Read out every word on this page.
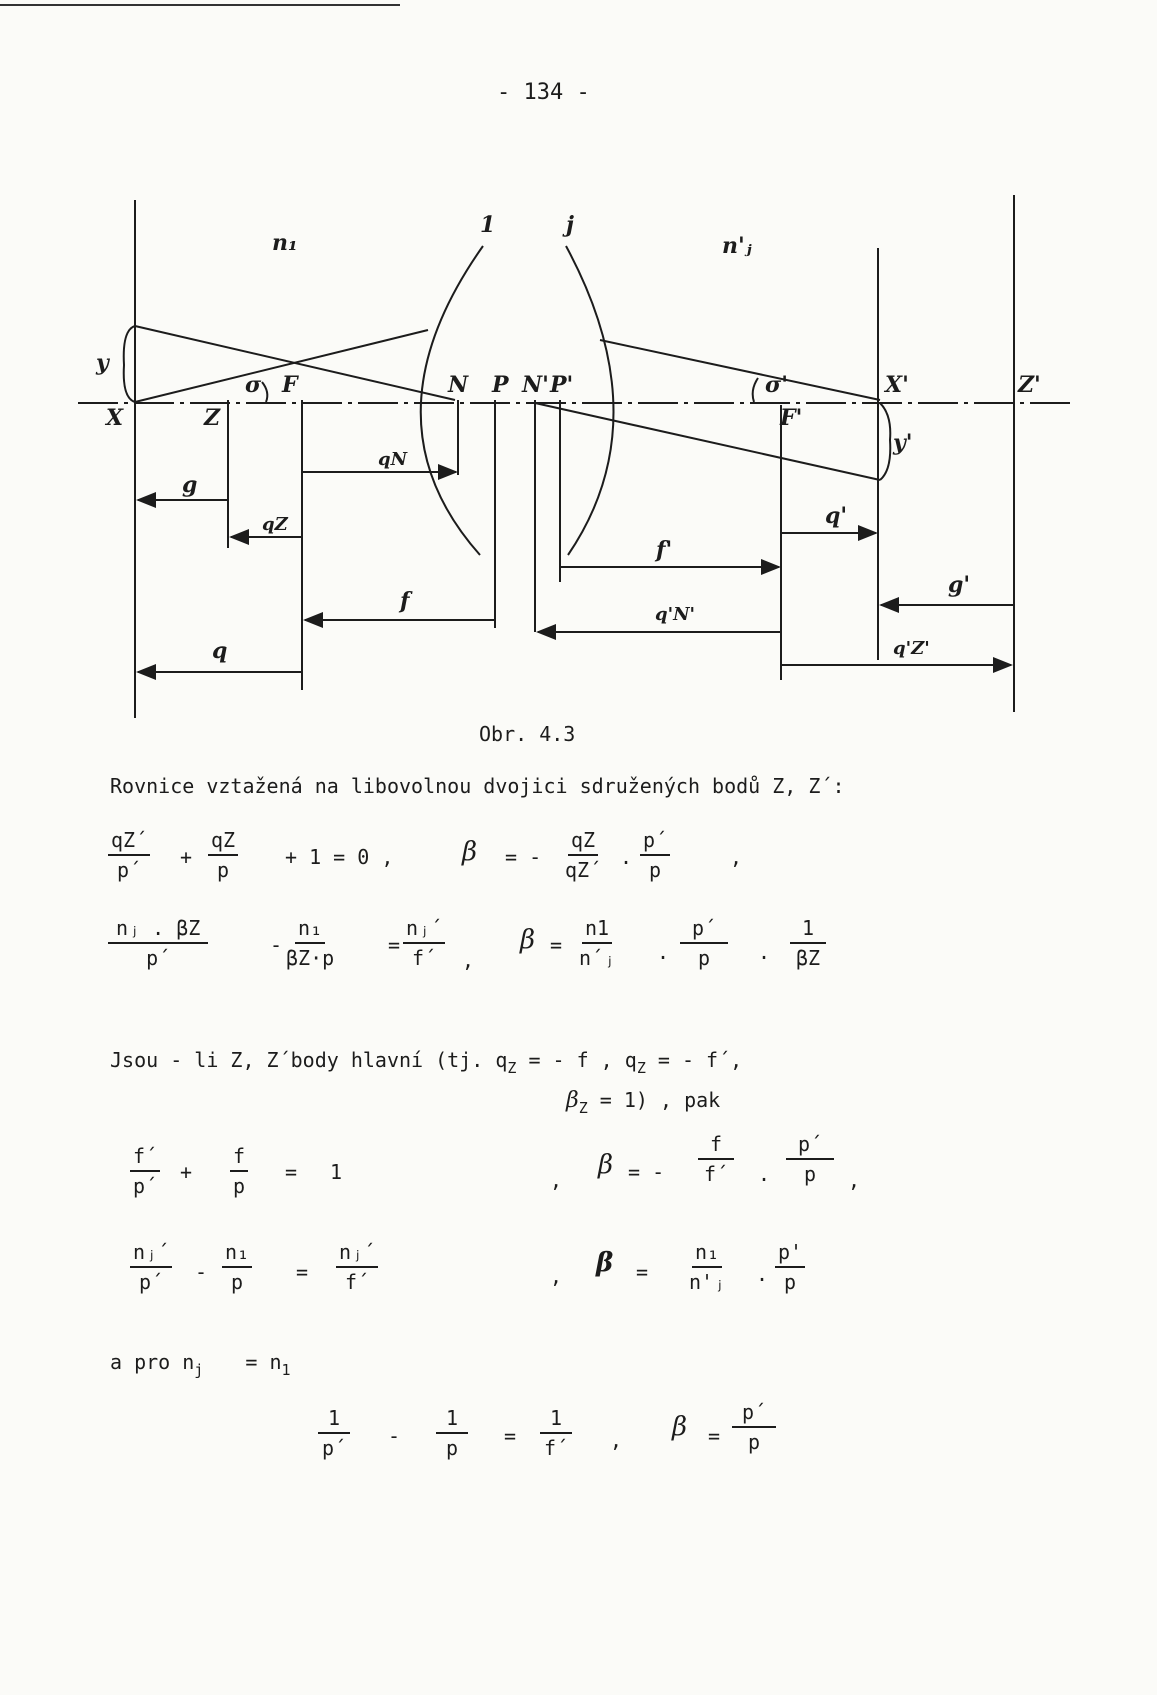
- 134 -
n₁
1	j
n'ⱼ
y
X	Z
σ F	N P N' P'	σ'
F'
X'	Z'
y'
qN
g
qZ
f
q
q'
f'
q'N'
g'
q'Z'
Obr. 4.3
Rovnice vztažená na libovolnou dvojici sdružených bodů Z, Z´:
$\frac{qZ´}{p´} + \frac{qZ}{p} + 1 = 0$ ,	β = - $\frac{qZ}{qZ´}$ . $\frac{p´}{p}$	,
$\frac{\text{nⱼ . βZ}}{p´}$	- $\frac{\text{n₁}}{\beta Z\cdot p}$	= $\frac{\text{nⱼ´}}{f´}$ ,
$\beta = \frac{n1}{\text{n´ⱼ}}$ . $\frac{p´}{p}$ . $\frac{1}{\beta Z}$
Jsou - li Z, Z´body hlavní (tj. $q_Z$ = - f , $q_Z$ = - f´,
$\beta_Z = 1$) , pak
$\frac{f´}{p´} + \frac{f}{p} = 1$	, β = - $\frac{f}{f´}$ . $\frac{p´}{p}$ ,
$\frac{\text{nⱼ´}}{p´} - \frac{\text{n₁}}{p} = \frac{\text{nⱼ´}}{f´}$	, $\beta = \frac{\text{n₁}}{\text{n'ⱼ}}$ . $\frac{p'}{p}$
a pro $n_j = n_1$
$\frac{1}{p´} - \frac{1}{p} = \frac{1}{f´}$ , $\beta = \frac{p´}{p}$
